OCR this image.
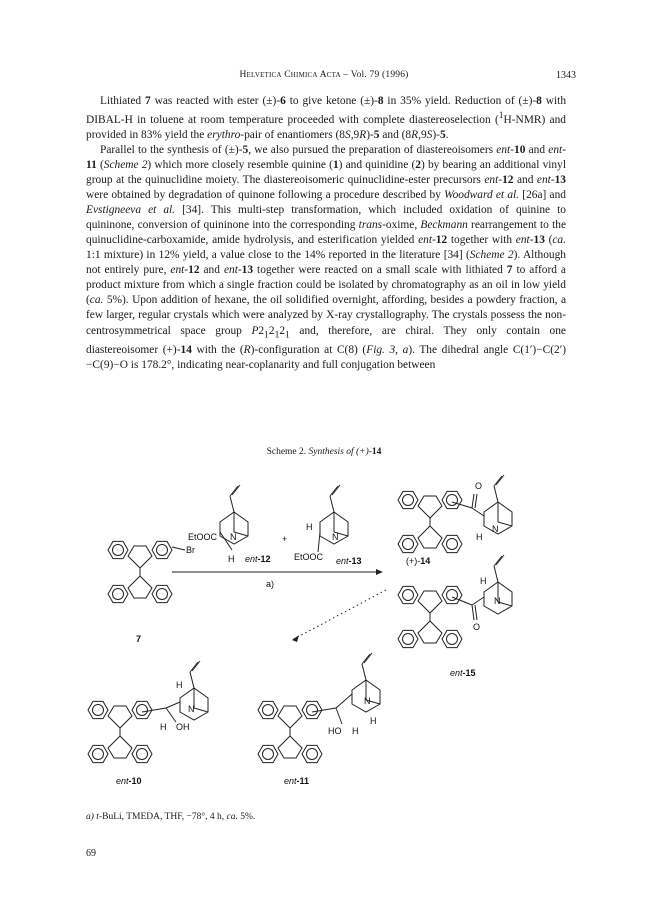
Helvetica Chimica Acta – Vol. 79 (1996)	1343

Lithiated 7 was reacted with ester (±)-6 to give ketone (±)-8 in 35% yield. Reduction of (±)-8 with DIBAL-H in toluene at room temperature proceeded with complete diastereoselection ($^1$H-NMR) and provided in 83% yield the erythro-pair of enantiomers (8S,9R)-5 and (8R,9S)-5.

Parallel to the synthesis of (±)-5, we also pursued the preparation of diastereoisomers ent-10 and ent-11 (Scheme 2) which more closely resemble quinine (1) and quinidine (2) by bearing an additional vinyl group at the quinuclidine moiety. The diastereoisomeric quinuclidine-ester precursors ent-12 and ent-13 were obtained by degradation of quinone following a procedure described by Woodward et al. [26a] and Evstigneeva et al. [34]. This multi-step transformation, which included oxidation of quinine to quininone, conversion of quininone into the corresponding trans-oxime, Beckmann rearrangement to the quinuclidine-carboxamide, amide hydrolysis, and esterification yielded ent-12 together with ent-13 (ca. 1:1 mixture) in 12% yield, a value close to the 14% reported in the literature [34] (Scheme 2). Although not entirely pure, ent-12 and ent-13 together were reacted on a small scale with lithiated 7 to afford a product mixture from which a single fraction could be isolated by chromatography as an oil in low yield (ca. 5%). Upon addition of hexane, the oil solidified overnight, affording, besides a powdery fraction, a few larger, regular crystals which were analyzed by X-ray crystallography. The crystals possess the non-centrosymmetrical space group $P2_12_12_1$ and, therefore, are chiral. They only contain one diastereoisomer (+)-14 with the (R)-configuration at C(8) (Fig. 3, a). The dihedral angle C(1′)−C(2′)−C(9)−O is 178.2°, indicating near-coplanarity and full conjugation between

Scheme 2. Synthesis of (+)-14
Br
7
EtOOC N
H ent-12
+
H
N
EtOOC ent-13
a)
O
N
H
(+)-14
H
N
O
ent-15
H
N
H OH
ent-10
N
H
HO H
ent-11
a) t-BuLi, TMEDA, THF, −78°, 4 h, ca. 5%.
69
